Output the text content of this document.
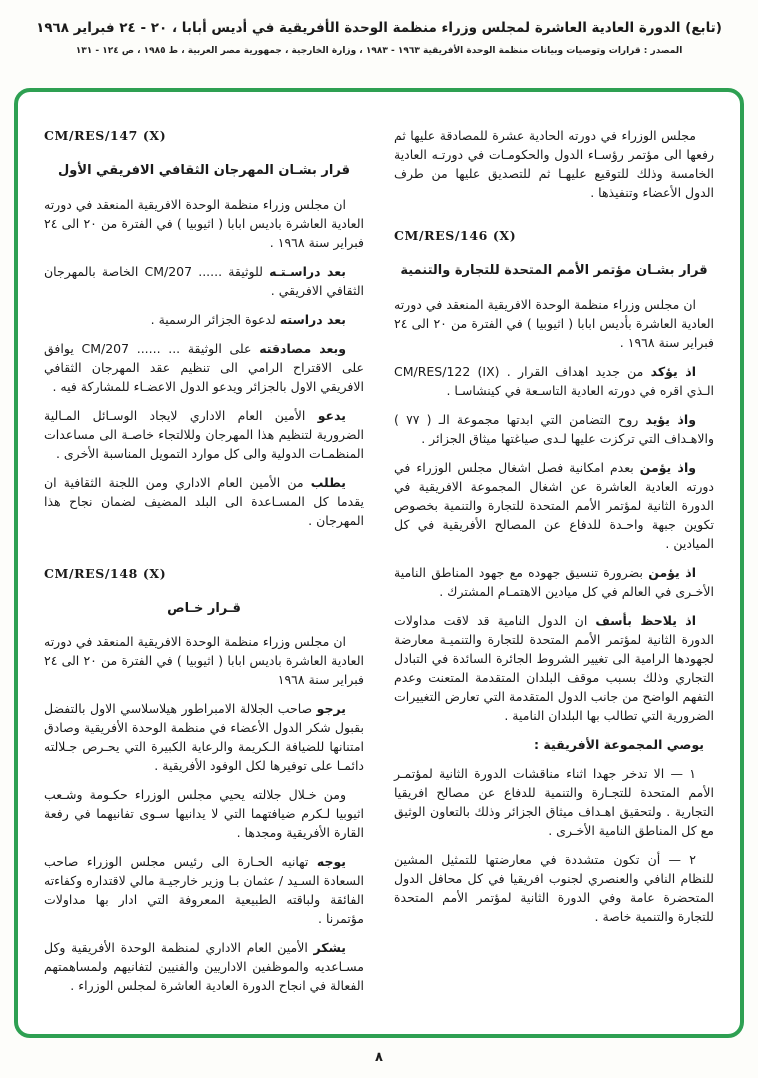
(تابع) الدورة العادية العاشرة لمجلس وزراء منظمة الوحدة الأفريقية في أديس أبابا ، ٢٠ - ٢٤ فبراير ١٩٦٨
المصدر : قرارات وتوصيات وبيانات منظمة الوحدة الأفريقية ١٩٦٣ - ١٩٨٣ ، وزارة الخارجية ، جمهورية مصر العربية ، ط ١٩٨٥ ، ص ١٢٤ - ١٣١

مجلس الوزراء في دورته الحادية عشرة للمصادقة عليها ثم رفعها الى مؤتمر رؤسـاء الدول والحكومـات في دورتـه العادية الخامسة وذلك للتوقيع عليهـا ثم للتصديق عليها من طرف الدول الأعضاء وتنفيذها .

CM/RES/146 (X)
قرار بشـان مؤتمر الأمم المتحدة للتجارة والتنمية

ان مجلس وزراء منظمة الوحدة الافريقية المنعقد في دورته العادية العاشرة بأديس ابابا ( اثيوبيا ) في الفترة من ٢٠ الى ٢٤ فبراير سنة ١٩٦٨ .

اذ يؤكد من جديد اهداف القرار . CM/RES/122 (IX) الـذي اقره في دورته العادية التاسـعة في كينشاسـا .

واذ يؤيد روح التضامن التي ابدتها مجموعة الـ ( ٧٧ ) والاهـداف التي تركزت عليها لـدى صياغتها ميثاق الجزائر .

واذ يؤمن بعدم امكانية فصل اشغال مجلس الوزراء في دورته العادية العاشرة عن اشغال المجموعة الافريقية في الدورة الثانية لمؤتمر الأمم المتحدة للتجارة والتنمية بخصوص تكوين جبهة واحـدة للدفاع عن المصالح الأفريقية في كل الميادين .

اذ يؤمن بضرورة تنسيق جهوده مع جهود المناطق النامية الأخـرى في العالم في كل ميادين الاهتمـام المشترك .

اذ يلاحظ بأسف ان الدول النامية قد لاقت مداولات الدورة الثانية لمؤتمر الأمم المتحدة للتجارة والتنميـة معارضة لجهودها الرامية الى تغيير الشروط الجائرة السائدة في التبادل التجاري وذلك بسبب موقف البلدان المتقدمة المتعنت وعدم التفهم الواضح من جانب الدول المتقدمة التي تعارض التغييرات الضرورية التي تطالب بها البلدان النامية .

يوصي المجموعة الأفريقية :

١ — الا تدخر جهدا اثناء مناقشات الدورة الثانية لمؤتمـر الأمم المتحدة للتجـارة والتنمية للدفاع عن مصالح افريقيا التجارية . ولتحقيق اهـداف ميثاق الجزائر وذلك بالتعاون الوثيق مع كل المناطق النامية الأخـرى .

٢ — أن تكون متشددة في معارضتها للتمثيل المشين للنظام النافي والعنصري لجنوب افريقيا في كل محافل الدول المتحضرة عامة وفي الدورة الثانية لمؤتمر الأمم المتحدة للتجارة والتنمية خاصة .

CM/RES/147 (X)
قرار بشـان المهرجان الثقافي الافريقي الأول

ان مجلس وزراء منظمة الوحدة الافريقية المنعقد في دورته العادية العاشرة باديس ابابا ( اثيوبيا ) في الفترة من ٢٠ الى ٢٤ فبراير سنة ١٩٦٨ .

بعد دراسـتـه للوثيقة ...... CM/207 الخاصة بالمهرجان الثقافي الافريقي .

بعد دراسته لدعوة الجزائر الرسمية .

وبعد مصادقته على الوثيقة ... ...... CM/207 يوافق على الاقتراح الرامي الى تنظيم عقد المهرجان الثقافي الافريقي الاول بالجزائر ويدعو الدول الاعضـاء للمشاركة فيه .

يدعو الأمين العام الاداري لايجاد الوسـائل المـالية الضرورية لتنظيم هذا المهرجان وللالتجاء خاصـة الى مساعدات المنظمـات الدولية والى كل موارد التمويل المناسبة الأخرى .

يطلب من الأمين العام الاداري ومن اللجنة الثقافية ان يقدما كل المسـاعدة الى البلد المضيف لضمان نجاح هذا المهرجان .

CM/RES/148 (X)
قـرار خـاص

ان مجلس وزراء منظمة الوحدة الافريقية المنعقد في دورته العادية العاشرة باديس ابابا ( اثيوبيا ) في الفترة من ٢٠ الى ٢٤ فبراير سنة ١٩٦٨

يرجو صاحب الجلالة الامبراطور هيلاسلاسي الاول بالتفضل بقبول شكر الدول الأعضاء في منظمة الوحدة الأفريقية وصادق امتنانها للضيافة الـكريمة والرعاية الكبيرة التي يحـرص جـلالته دائمـا على توفيرها لكل الوفود الأفريقية .

ومن خـلال جلالته يحيي مجلس الوزراء حكـومة وشـعب اثيوبيا لـكرم ضيافتهما التي لا يدانيها سـوى تفانيهما في رفعة القارة الأفريقية ومجدها .

يوجه تهانيه الحـارة الى رئيس مجلس الوزراء صاحب السعادة السـيد / عثمان بـا وزير خارجيـة مالي لاقتداره وكفاءته الفائقة ولباقته الطبيعية المعروفة التي ادار بها مداولات مؤتمرنا .

يشكر الأمين العام الاداري لمنظمة الوحدة الأفريقية وكل مسـاعديه والموظفين الاداريين والفنيين لتفانيهم ولمساهمتهم الفعالة في انجاح الدورة العادية العاشرة لمجلس الوزراء .

٨
